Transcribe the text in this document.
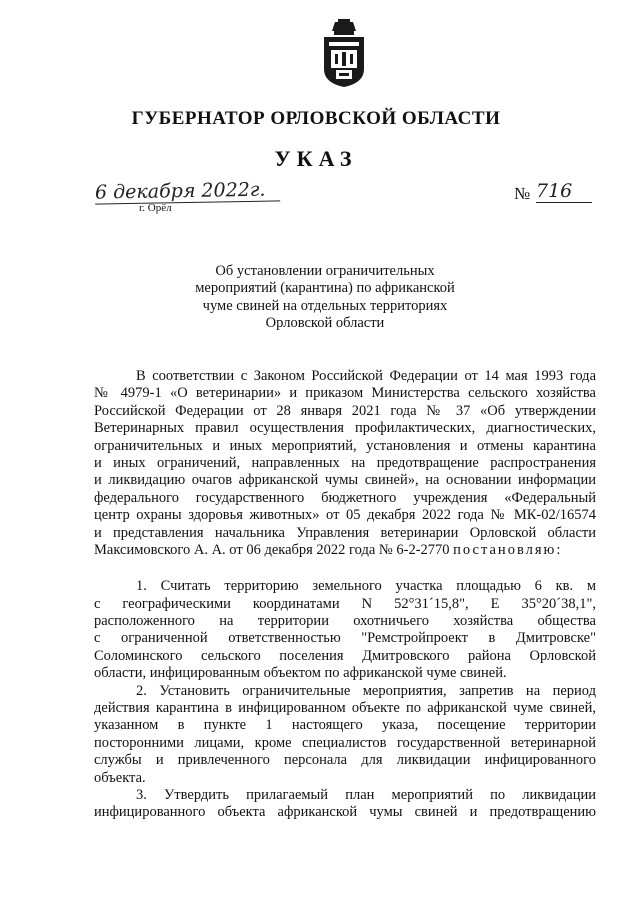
ГУБЕРНАТОР ОРЛОВСКОЙ ОБЛАСТИ
УКАЗ
6 декабря 2022г.
г. Орёл
№ 716
Об установлении ограничительных
мероприятий (карантина) по африканской
чуме свиней на отдельных территориях
Орловской области
В соответствии с Законом Российской Федерации от 14 мая 1993 года
№ 4979-1 «О ветеринарии» и приказом Министерства сельского хозяйства
Российской Федерации от 28 января 2021 года № 37 «Об утверждении
Ветеринарных правил осуществления профилактических, диагностических,
ограничительных и иных мероприятий, установления и отмены карантина
и иных ограничений, направленных на предотвращение распространения
и ликвидацию очагов африканской чумы свиней», на основании информации
федерального государственного бюджетного учреждения «Федеральный
центр охраны здоровья животных» от 05 декабря 2022 года № МК-02/16574
и представления начальника Управления ветеринарии Орловской области
Максимовского А. А. от 06 декабря 2022 года № 6-2-2770 постановляю:
1. Считать территорию земельного участка площадью 6 кв. м
с географическими координатами N 52°31´15,8", E 35°20´38,1",
расположенного на территории охотничьего хозяйства общества
с ограниченной ответственностью "Ремстройпроект в Дмитровске"
Соломинского сельского поселения Дмитровского района Орловской
области, инфицированным объектом по африканской чуме свиней.
2. Установить ограничительные мероприятия, запретив на период
действия карантина в инфицированном объекте по африканской чуме свиней,
указанном в пункте 1 настоящего указа, посещение территории
посторонними лицами, кроме специалистов государственной ветеринарной
службы и привлеченного персонала для ликвидации инфицированного
объекта.
3. Утвердить прилагаемый план мероприятий по ликвидации
инфицированного объекта африканской чумы свиней и предотвращению
